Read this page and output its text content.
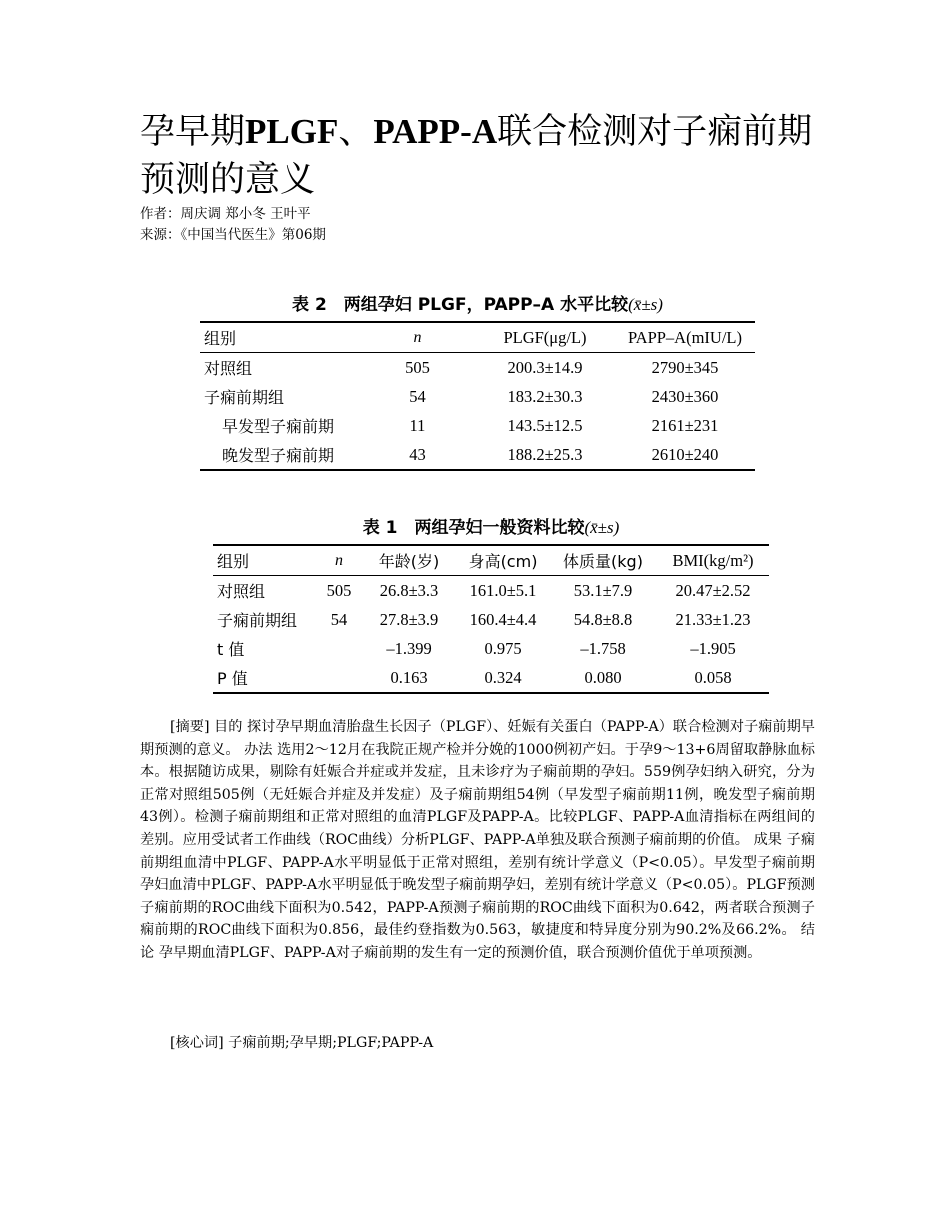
孕早期PLGF、PAPP-A联合检测对子痫前期预测的意义
作者：周庆调 郑小冬 王叶平
来源：《中国当代医生》第06期
表 2　两组孕妇 PLGF，PAPP–A 水平比较(x̄±s)
组别	n	PLGF(μg/L)	PAPP–A(mIU/L)
对照组	505	200.3±14.9	2790±345
子痫前期组	54	183.2±30.3	2430±360
早发型子痫前期	11	143.5±12.5	2161±231
晚发型子痫前期	43	188.2±25.3	2610±240
表 1　两组孕妇一般资料比较(x̄±s)
组别	n	年龄(岁)	身高(cm)	体质量(kg)	BMI(kg/m²)
对照组	505	26.8±3.3	161.0±5.1	53.1±7.9	20.47±2.52
子痫前期组	54	27.8±3.9	160.4±4.4	54.8±8.8	21.33±1.23
t 值		–1.399	0.975	–1.758	–1.905
P 值		0.163	0.324	0.080	0.058

[摘要] 目的 探讨孕早期血清胎盘生长因子（PLGF）、妊娠有关蛋白（PAPP-A）联合检测对子痫前期早期预测的意义。 办法 选用2～12月在我院正规产检并分娩的1000例初产妇。于孕9～13+6周留取静脉血标本。根据随访成果，剔除有妊娠合并症或并发症，且未诊疗为子痫前期的孕妇。559例孕妇纳入研究，分为正常对照组505例（无妊娠合并症及并发症）及子痫前期组54例（早发型子痫前期11例，晚发型子痫前期43例）。检测子痫前期组和正常对照组的血清PLGF及PAPP-A。比较PLGF、PAPP-A血清指标在两组间的差别。应用受试者工作曲线（ROC曲线）分析PLGF、PAPP-A单独及联合预测子痫前期的价值。 成果 子痫前期组血清中PLGF、PAPP-A水平明显低于正常对照组，差别有统计学意义（P<0.05）。早发型子痫前期孕妇血清中PLGF、PAPP-A水平明显低于晚发型子痫前期孕妇，差别有统计学意义（P<0.05）。PLGF预测子痫前期的ROC曲线下面积为0.542，PAPP-A预测子痫前期的ROC曲线下面积为0.642，两者联合预测子痫前期的ROC曲线下面积为0.856，最佳约登指数为0.563，敏捷度和特异度分别为90.2%及66.2%。 结论 孕早期血清PLGF、PAPP-A对子痫前期的发生有一定的预测价值，联合预测价值优于单项预测。

[核心词] 子痫前期;孕早期;PLGF;PAPP-A
